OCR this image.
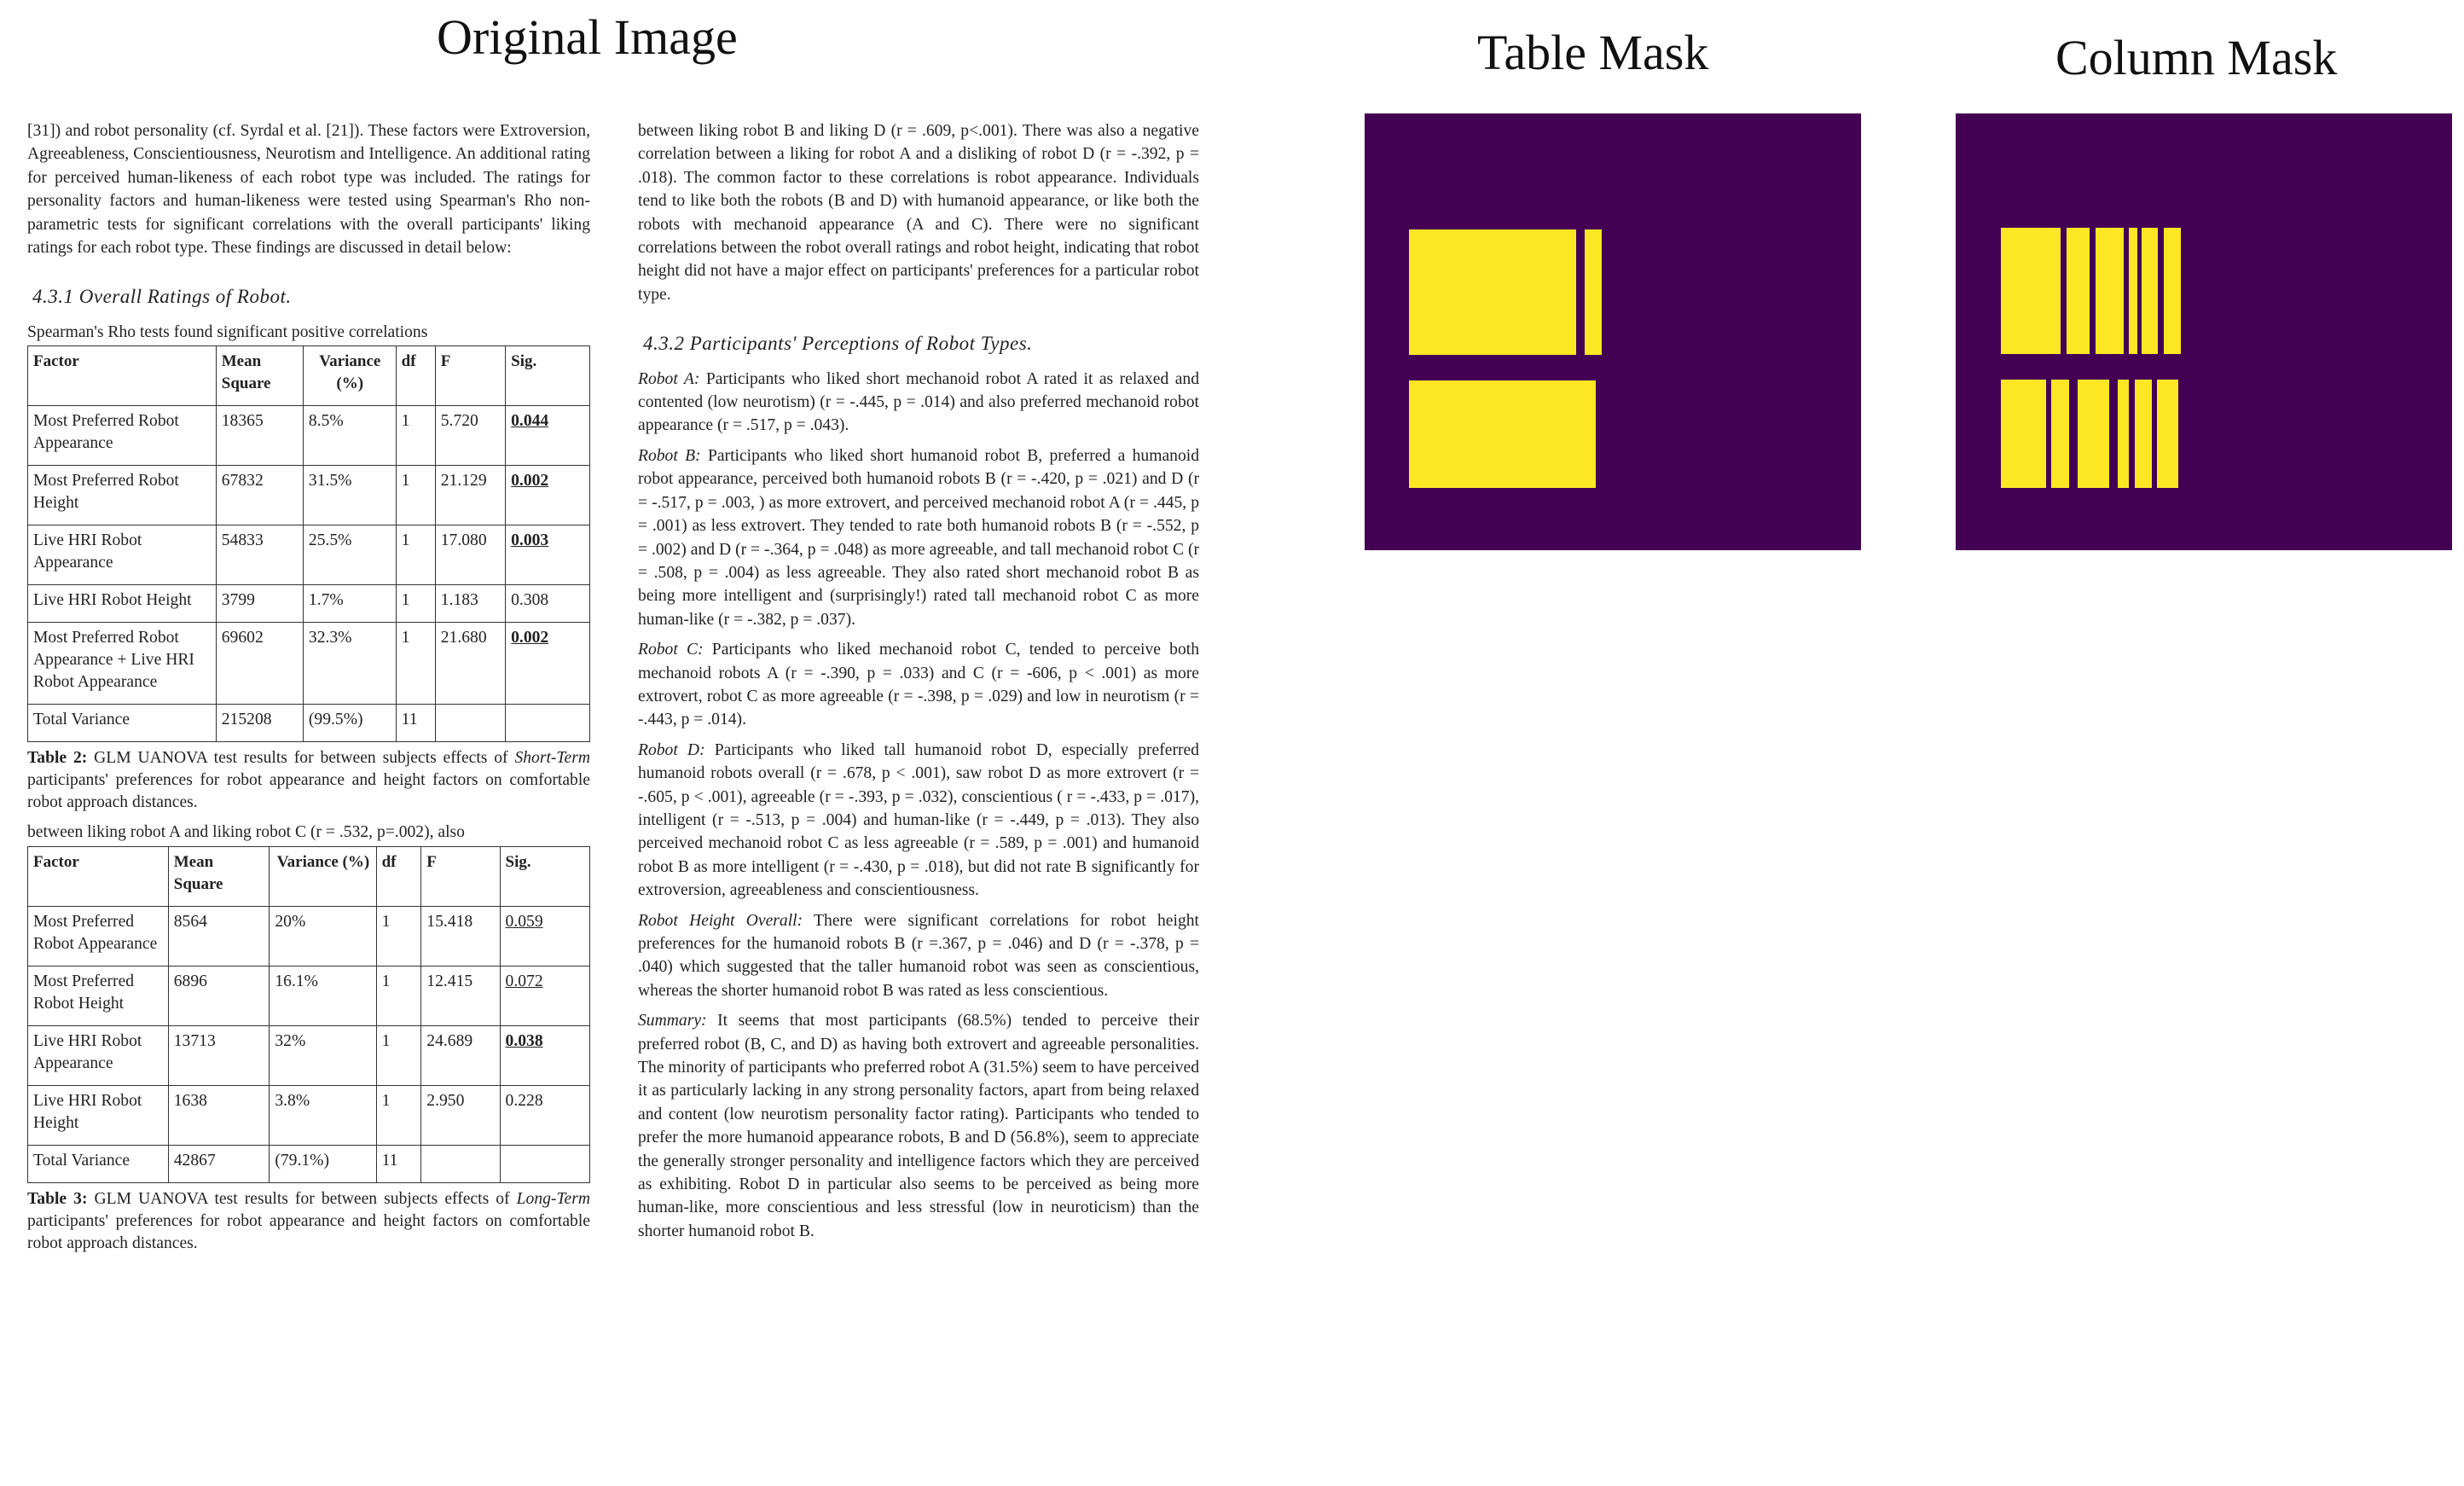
Original Image	Table Mask	Column Mask

[31]) and robot personality (cf. Syrdal et al. [21]). These factors were Extroversion, Agreeableness, Conscientiousness, Neurotism and Intelligence. An additional rating for perceived human-likeness of each robot type was included. The ratings for personality factors and human-likeness were tested using Spearman's Rho non-parametric tests for significant correlations with the overall participants' liking ratings for each robot type. These findings are discussed in detail below:

4.3.1 Overall Ratings of Robot.

Spearman's Rho tests found significant positive correlations

Factor	Mean Square	Variance (%)	df	F	Sig.
Most Preferred Robot Appearance	18365	8.5%	1	5.720	0.044
Most Preferred Robot Height	67832	31.5%	1	21.129	0.002
Live HRI Robot Appearance	54833	25.5%	1	17.080	0.003
Live HRI Robot Height	3799	1.7%	1	1.183	0.308
Most Preferred Robot Appearance + Live HRI Robot Appearance	69602	32.3%	1	21.680	0.002
Total Variance	215208	(99.5%)	11		

Table 2: GLM UANOVA test results for between subjects effects of Short-Term participants' preferences for robot appearance and height factors on comfortable robot approach distances.

between liking robot A and liking robot C (r = .532, p=.002), also

Factor	Mean Square	Variance (%)	df	F	Sig.
Most Preferred Robot Appearance	8564	20%	1	15.418	0.059
Most Preferred Robot Height	6896	16.1%	1	12.415	0.072
Live HRI Robot Appearance	13713	32%	1	24.689	0.038
Live HRI Robot Height	1638	3.8%	1	2.950	0.228
Total Variance	42867	(79.1%)	11		

Table 3: GLM UANOVA test results for between subjects effects of Long-Term participants' preferences for robot appearance and height factors on comfortable robot approach distances.

between liking robot B and liking D (r = .609, p<.001). There was also a negative correlation between a liking for robot A and a disliking of robot D (r = -.392, p = .018). The common factor to these correlations is robot appearance. Individuals tend to like both the robots (B and D) with humanoid appearance, or like both the robots with mechanoid appearance (A and C). There were no significant correlations between the robot overall ratings and robot height, indicating that robot height did not have a major effect on participants' preferences for a particular robot type.

4.3.2 Participants' Perceptions of Robot Types.

Robot A: Participants who liked short mechanoid robot A rated it as relaxed and contented (low neurotism) (r = -.445, p = .014) and also preferred mechanoid robot appearance (r = .517, p = .043).

Robot B: Participants who liked short humanoid robot B, preferred a humanoid robot appearance, perceived both humanoid robots B (r = -.420, p = .021) and D (r = -.517, p = .003, ) as more extrovert, and perceived mechanoid robot A (r = .445, p = .001) as less extrovert. They tended to rate both humanoid robots B (r = -.552, p = .002) and D (r = -.364, p = .048) as more agreeable, and tall mechanoid robot C (r = .508, p = .004) as less agreeable. They also rated short mechanoid robot B as being more intelligent and (surprisingly!) rated tall mechanoid robot C as more human-like (r = -.382, p = .037).

Robot C: Participants who liked mechanoid robot C, tended to perceive both mechanoid robots A (r = -.390, p = .033) and C (r = -606, p < .001) as more extrovert, robot C as more agreeable (r = -.398, p = .029) and low in neurotism (r = -.443, p = .014).

Robot D: Participants who liked tall humanoid robot D, especially preferred humanoid robots overall (r = .678, p < .001), saw robot D as more extrovert (r = -.605, p < .001), agreeable (r = -.393, p = .032), conscientious ( r = -.433, p = .017), intelligent (r = -.513, p = .004) and human-like (r = -.449, p = .013). They also perceived mechanoid robot C as less agreeable (r = .589, p = .001) and humanoid robot B as more intelligent (r = -.430, p = .018), but did not rate B significantly for extroversion, agreeableness and conscientiousness.

Robot Height Overall: There were significant correlations for robot height preferences for the humanoid robots B (r =.367, p = .046) and D (r = -.378, p = .040) which suggested that the taller humanoid robot was seen as conscientious, whereas the shorter humanoid robot B was rated as less conscientious.

Summary: It seems that most participants (68.5%) tended to perceive their preferred robot (B, C, and D) as having both extrovert and agreeable personalities. The minority of participants who preferred robot A (31.5%) seem to have perceived it as particularly lacking in any strong personality factors, apart from being relaxed and content (low neurotism personality factor rating). Participants who tended to prefer the more humanoid appearance robots, B and D (56.8%), seem to appreciate the generally stronger personality and intelligence factors which they are perceived as exhibiting. Robot D in particular also seems to be perceived as being more human-like, more conscientious and less stressful (low in neuroticism) than the shorter humanoid robot B.
